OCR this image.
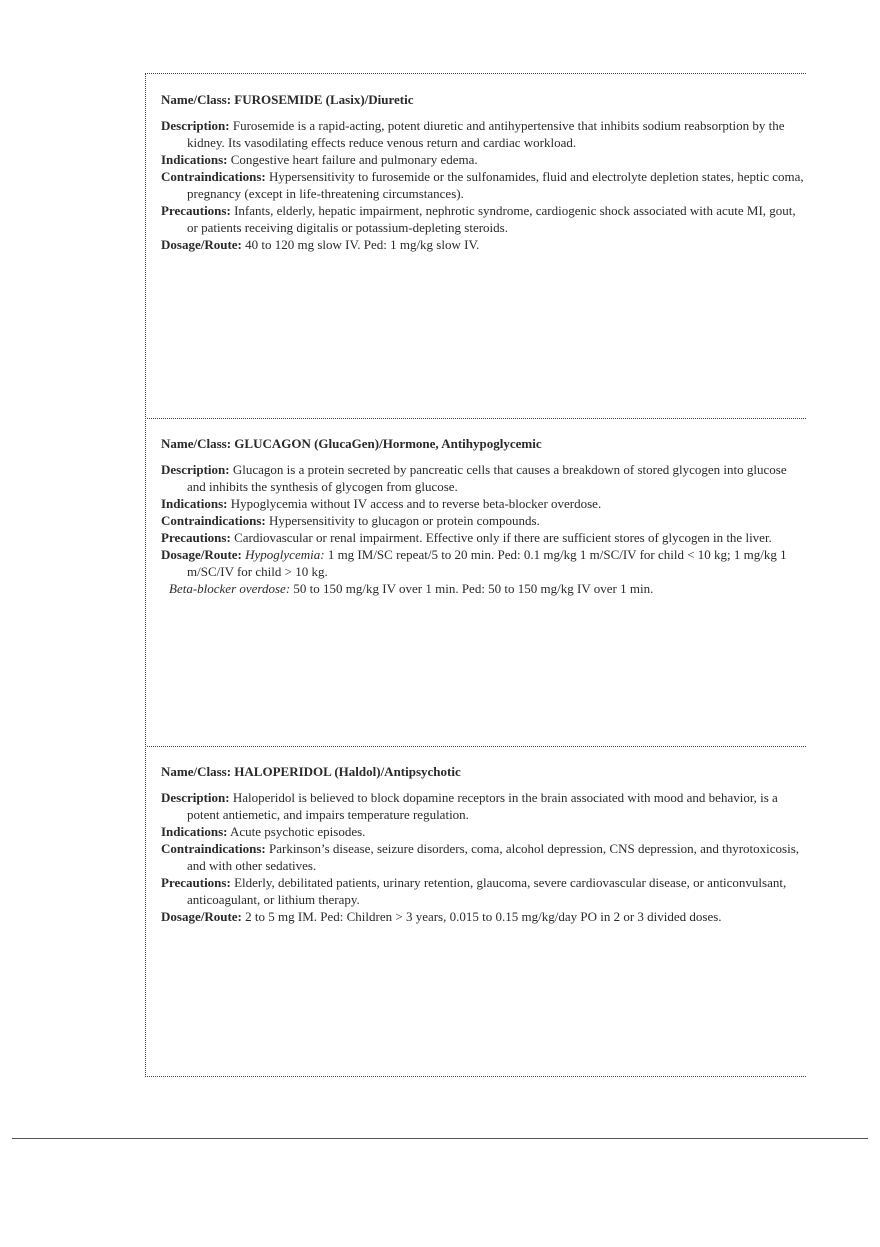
Name/Class: FUROSEMIDE (Lasix)/Diuretic

Description: Furosemide is a rapid-acting, potent diuretic and antihypertensive that inhibits sodium reabsorption by the kidney. Its vasodilating effects reduce venous return and cardiac workload.

Indications: Congestive heart failure and pulmonary edema.

Contraindications: Hypersensitivity to furosemide or the sulfonamides, fluid and electrolyte depletion states, heptic coma, pregnancy (except in life-threatening circumstances).

Precautions: Infants, elderly, hepatic impairment, nephrotic syndrome, cardiogenic shock associated with acute MI, gout, or patients receiving digitalis or potassium-depleting steroids.

Dosage/Route: 40 to 120 mg slow IV. Ped: 1 mg/kg slow IV.

Name/Class: GLUCAGON (GlucaGen)/Hormone, Antihypoglycemic

Description: Glucagon is a protein secreted by pancreatic cells that causes a breakdown of stored glycogen into glucose and inhibits the synthesis of glycogen from glucose.

Indications: Hypoglycemia without IV access and to reverse beta-blocker overdose.

Contraindications: Hypersensitivity to glucagon or protein compounds.

Precautions: Cardiovascular or renal impairment. Effective only if there are sufficient stores of glycogen in the liver.

Dosage/Route: Hypoglycemia: 1 mg IM/SC repeat/5 to 20 min. Ped: 0.1 mg/kg 1 m/SC/IV for child < 10 kg; 1 mg/kg 1 m/SC/IV for child > 10 kg.

Beta-blocker overdose: 50 to 150 mg/kg IV over 1 min. Ped: 50 to 150 mg/kg IV over 1 min.

Name/Class: HALOPERIDOL (Haldol)/Antipsychotic

Description: Haloperidol is believed to block dopamine receptors in the brain associated with mood and behavior, is a potent antiemetic, and impairs temperature regulation.

Indications: Acute psychotic episodes.

Contraindications: Parkinson’s disease, seizure disorders, coma, alcohol depression, CNS depression, and thyrotoxicosis, and with other sedatives.

Precautions: Elderly, debilitated patients, urinary retention, glaucoma, severe cardiovascular disease, or anticonvulsant, anticoagulant, or lithium therapy.

Dosage/Route: 2 to 5 mg IM. Ped: Children > 3 years, 0.015 to 0.15 mg/kg/day PO in 2 or 3 divided doses.
